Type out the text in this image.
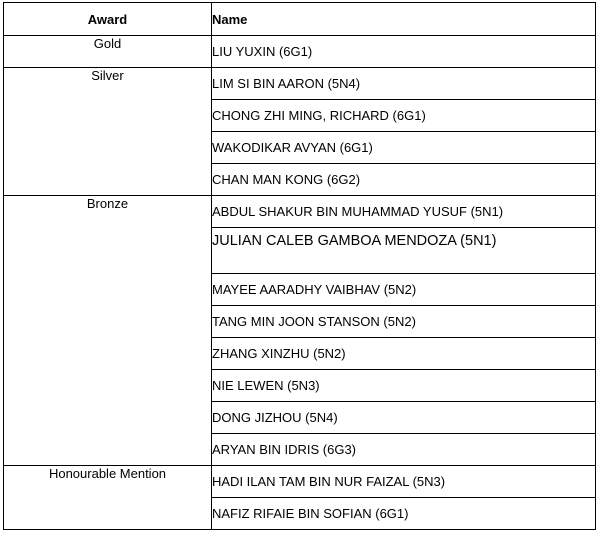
Award	Name
Gold	LIU YUXIN (6G1)
Silver	LIM SI BIN AARON (5N4)
	CHONG ZHI MING, RICHARD (6G1)
	WAKODIKAR AVYAN (6G1)
	CHAN MAN KONG (6G2)
Bronze	ABDUL SHAKUR BIN MUHAMMAD YUSUF (5N1)
	JULIAN CALEB GAMBOA MENDOZA (5N1)
	MAYEE AARADHY VAIBHAV (5N2)
	TANG MIN JOON STANSON (5N2)
	ZHANG XINZHU (5N2)
	NIE LEWEN (5N3)
	DONG JIZHOU (5N4)
	ARYAN BIN IDRIS (6G3)
Honourable Mention	HADI ILAN TAM BIN NUR FAIZAL (5N3)
	NAFIZ RIFAIE BIN SOFIAN (6G1)
